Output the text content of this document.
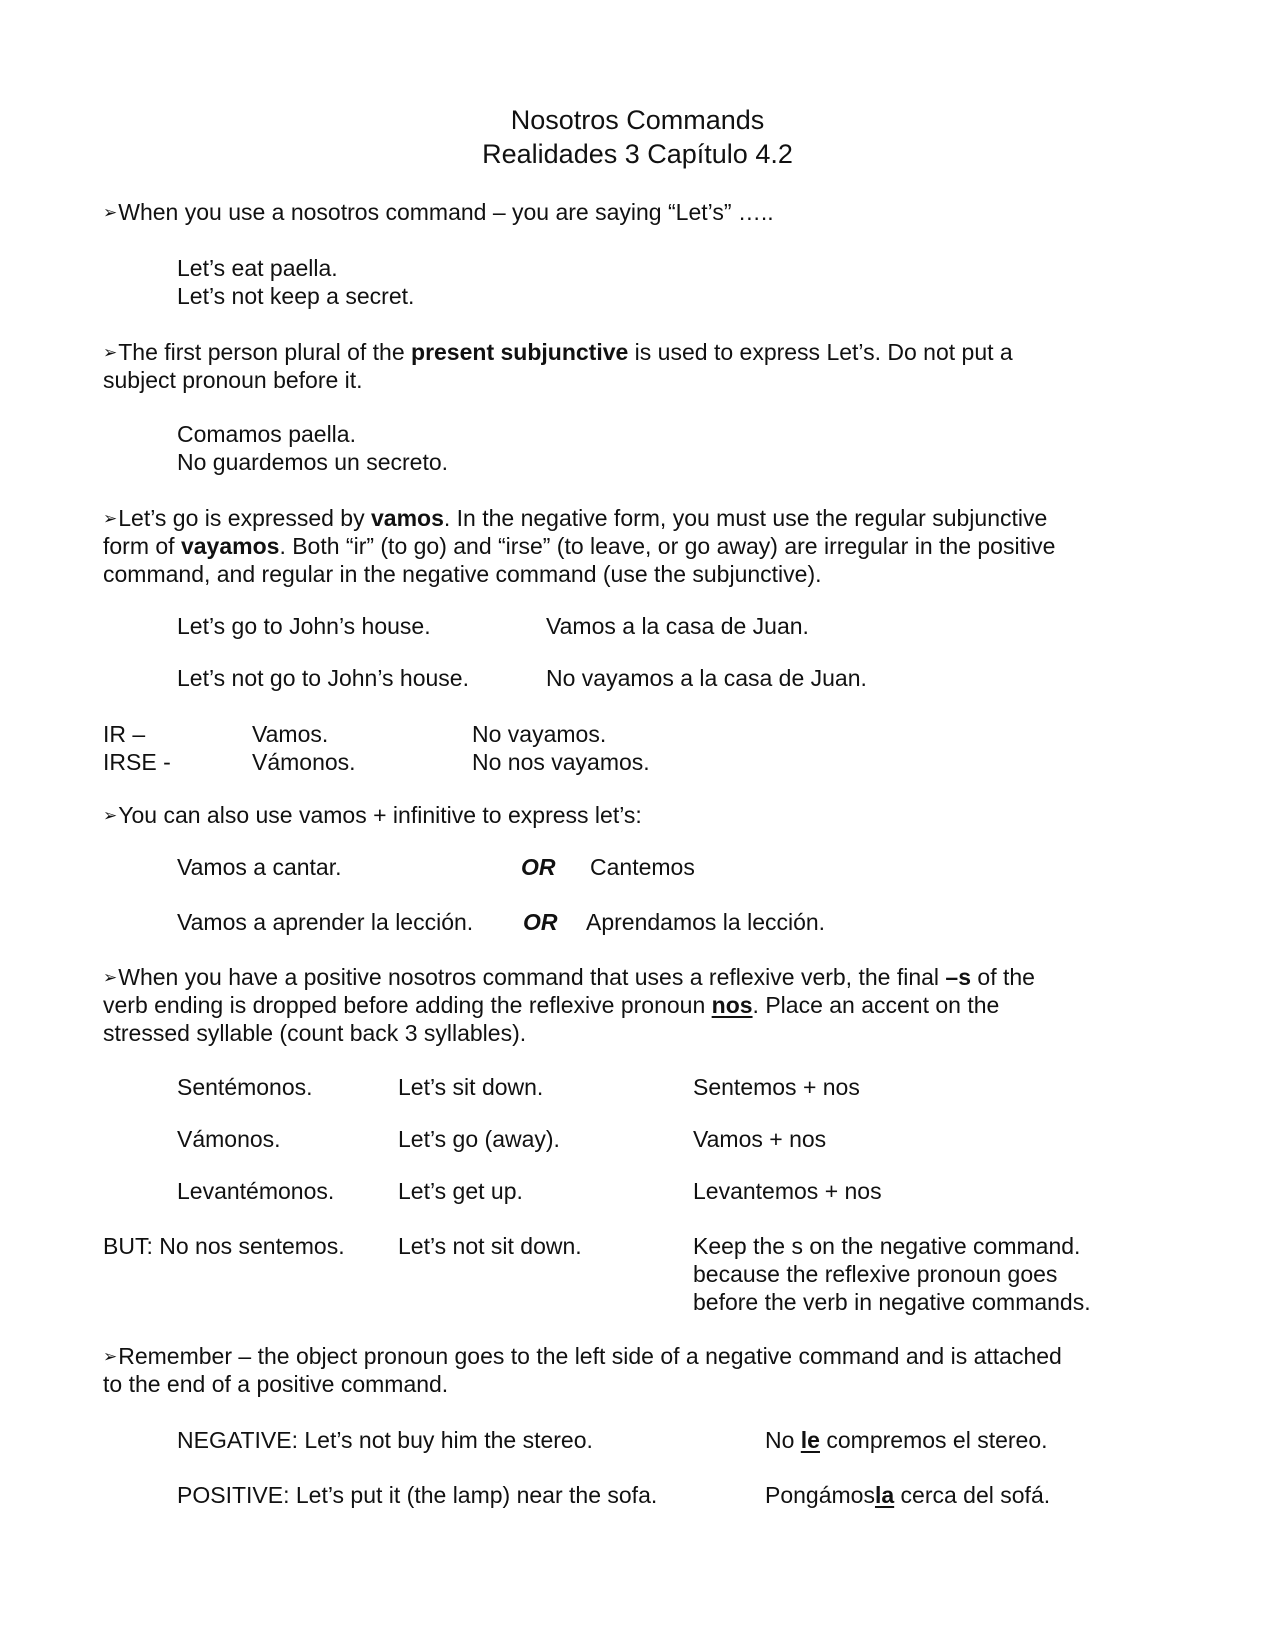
Nosotros Commands
Realidades 3 Capítulo 4.2
➢When you use a nosotros command – you are saying “Let’s” …..
Let’s eat paella.
Let’s not keep a secret.
➢The first person plural of the present subjunctive is used to express Let’s. Do not put a
subject pronoun before it.
Comamos paella.
No guardemos un secreto.
➢Let’s go is expressed by vamos. In the negative form, you must use the regular subjunctive
form of vayamos. Both “ir” (to go) and “irse” (to leave, or go away) are irregular in the positive
command, and regular in the negative command (use the subjunctive).
Let’s go to John’s house.	Vamos a la casa de Juan.
Let’s not go to John’s house.	No vayamos a la casa de Juan.
IR –	Vamos.	No vayamos.
IRSE -	Vámonos.	No nos vayamos.
➢You can also use vamos + infinitive to express let’s:
Vamos a cantar.	OR Cantemos
Vamos a aprender la lección. OR Aprendamos la lección.
➢When you have a positive nosotros command that uses a reflexive verb, the final –s of the
verb ending is dropped before adding the reflexive pronoun nos. Place an accent on the
stressed syllable (count back 3 syllables).
Sentémonos.	Let’s sit down.	Sentemos + nos
Vámonos.	Let’s go (away).	Vamos + nos
Levantémonos.	Let’s get up.	Levantemos + nos
BUT: No nos sentemos. Let’s not sit down.	Keep the s on the negative command.
because the reflexive pronoun goes
before the verb in negative commands.
➢Remember – the object pronoun goes to the left side of a negative command and is attached
to the end of a positive command.
NEGATIVE: Let’s not buy him the stereo.	No le compremos el stereo.
POSITIVE: Let’s put it (the lamp) near the sofa.	Pongámosla cerca del sofá.
